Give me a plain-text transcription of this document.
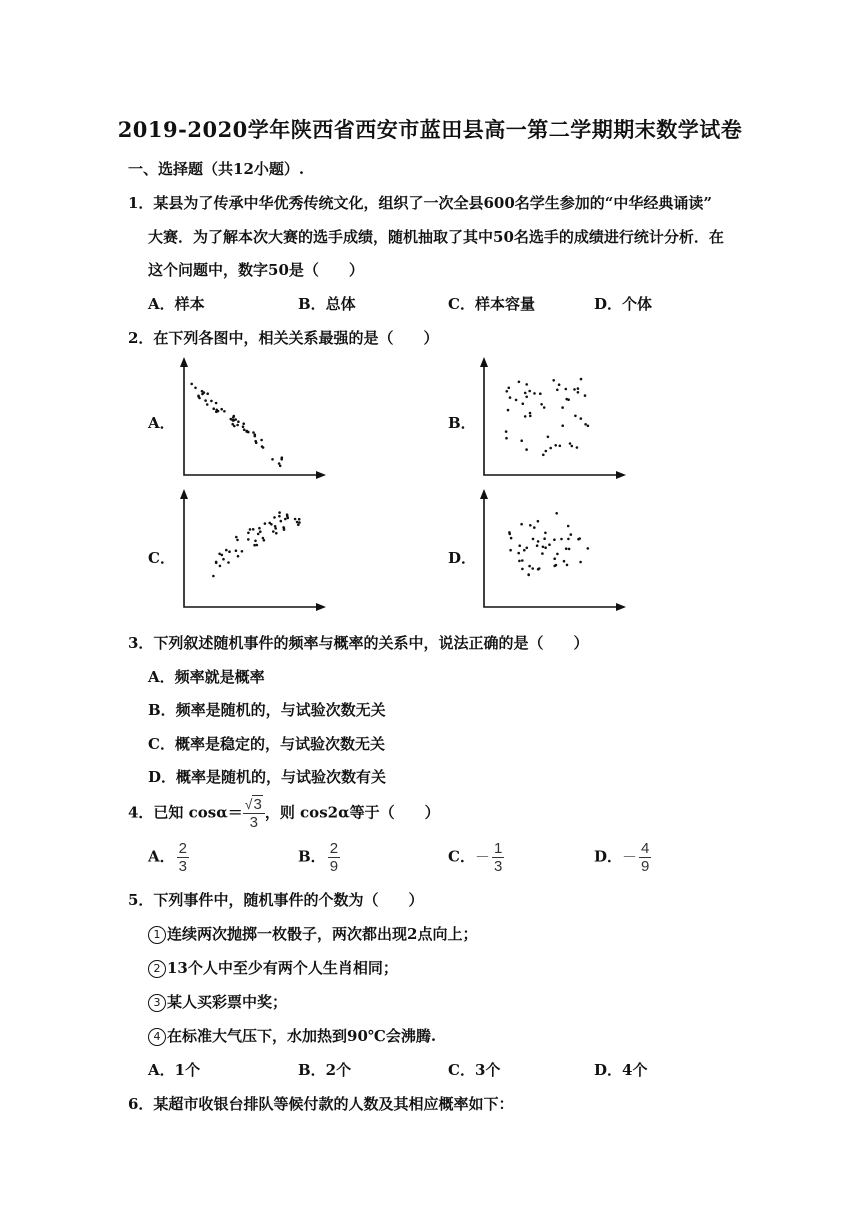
2019-2020学年陕西省西安市蓝田县高一第二学期期末数学试卷
一、选择题（共12小题）.
1．某县为了传承中华优秀传统文化，组织了一次全县600名学生参加的“中华经典诵读”
大赛．为了解本次大赛的选手成绩，随机抽取了其中50名选手的成绩进行统计分析．在
这个问题中，数字50是（　　）
A．样本	B．总体	C．样本容量	D．个体
2．在下列各图中，相关关系最强的是（　　）
A．	B．
C．	D．
3．下列叙述随机事件的频率与概率的关系中，说法正确的是（　　）
A．频率就是概率
B．频率是随机的，与试验次数无关
C．概率是稳定的，与试验次数无关
D．概率是随机的，与试验次数有关
4．已知 $\cos\alpha= \frac{√3}{3}$ ，则 cos2α等于（　　）
A． $\frac{2}{3}$	B． $\frac{2}{9}$	C．－ $\frac{1}{3}$	D．－ $\frac{4}{9}$
5．下列事件中，随机事件的个数为（　　）
1 连续两次抛掷一枚骰子，两次都出现2点向上；
2 13个人中至少有两个人生肖相同；
3 某人买彩票中奖；
4 在标准大气压下，水加热到90℃会沸腾.
A．1个	B．2个	C．3个	D．4个
6．某超市收银台排队等候付款的人数及其相应概率如下：
